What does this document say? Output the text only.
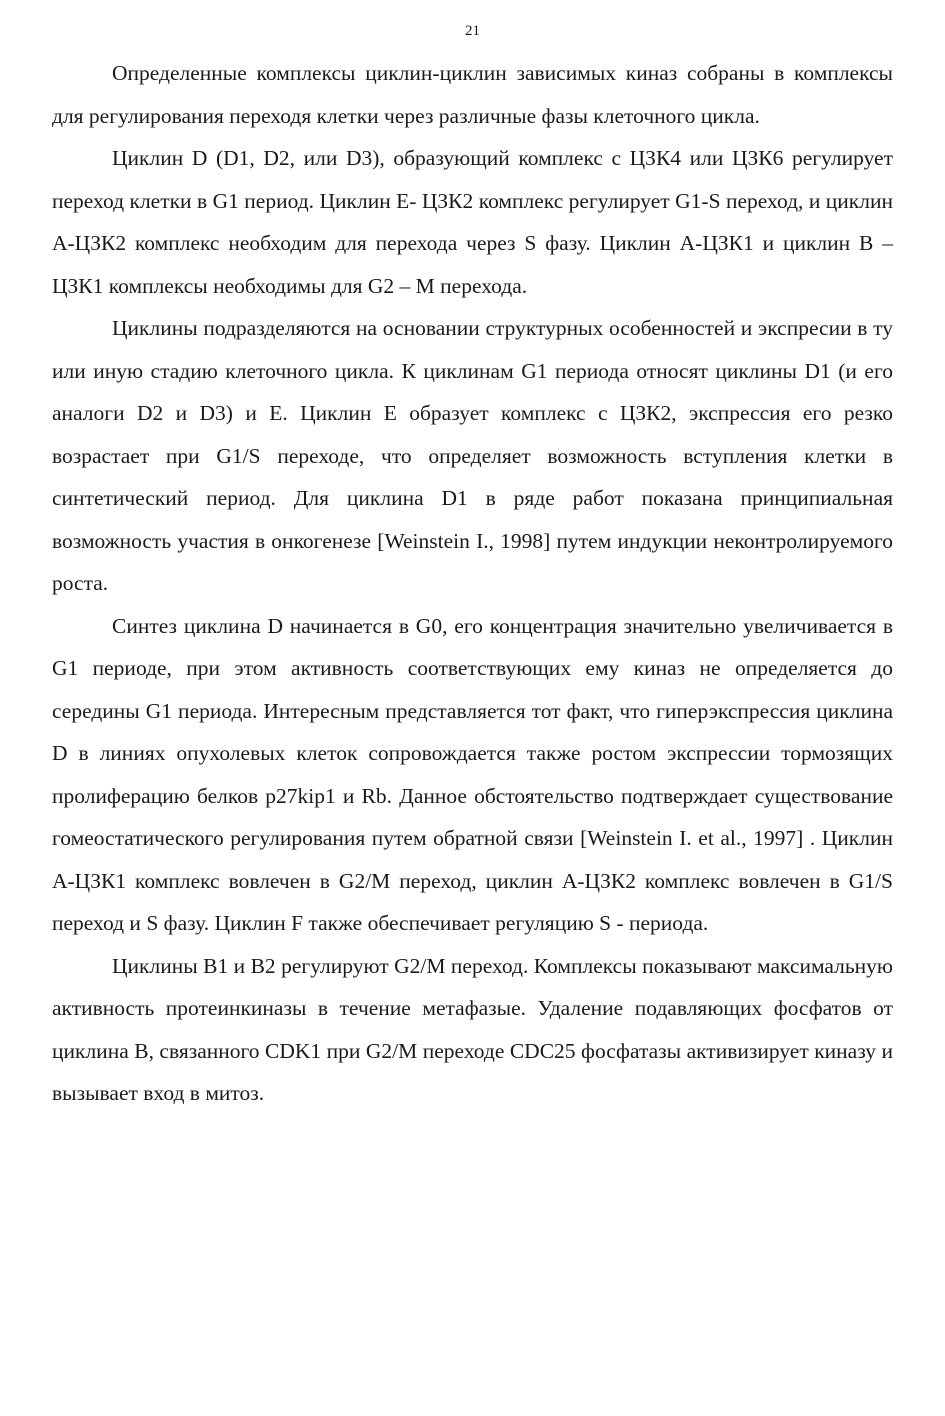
21

Определенные комплексы циклин-циклин зависимых киназ собраны в комплексы для регулирования переходя клетки через различные фазы клеточного цикла.

Циклин D (D1, D2, или D3), образующий комплекс с ЦЗК4 или ЦЗК6 регулирует переход клетки в G1 период. Циклин E- ЦЗК2 комплекс регулирует G1-S переход, и циклин A-ЦЗК2 комплекс необходим для перехода через S фазу. Циклин A-ЦЗК1 и циклин B – ЦЗК1 комплексы необходимы для G2 – M перехода.

Циклины подразделяются на основании структурных особенностей и экспресии в ту или иную стадию клеточного цикла. К циклинам G1 периода относят циклины D1 (и его аналоги D2 и D3) и E. Циклин E образует комплекс с ЦЗК2, экспрессия его резко возрастает при G1/S переходе, что определяет возможность вступления клетки в синтетический период. Для циклина D1 в ряде работ показана принципиальная возможность участия в онкогенезе [Weinstein I., 1998] путем индукции неконтролируемого роста.

Синтез циклина D начинается в G0, его концентрация значительно увеличивается в G1 периоде, при этом активность соответствующих ему киназ не определяется до середины G1 периода. Интересным представляется тот факт, что гиперэкспрессия циклина D в линиях опухолевых клеток сопровождается также ростом экспрессии тормозящих пролиферацию белков p27kip1 и Rb. Данное обстоятельство подтверждает существование гомеостатического регулирования путем обратной связи [Weinstein I. et al., 1997] . Циклин A-ЦЗК1 комплекс вовлечен в G2/M переход, циклин A-ЦЗК2 комплекс вовлечен в G1/S переход и S фазу. Циклин F также обеспечивает регуляцию S - периода.

Циклины B1 и B2 регулируют G2/M переход. Комплексы показывают максимальную активность протеинкиназы в течение метафазые. Удаление подавляющих фосфатов от циклина B, связанного CDK1 при G2/M переходе CDC25 фосфатазы активизирует киназу и вызывает вход в митоз.
